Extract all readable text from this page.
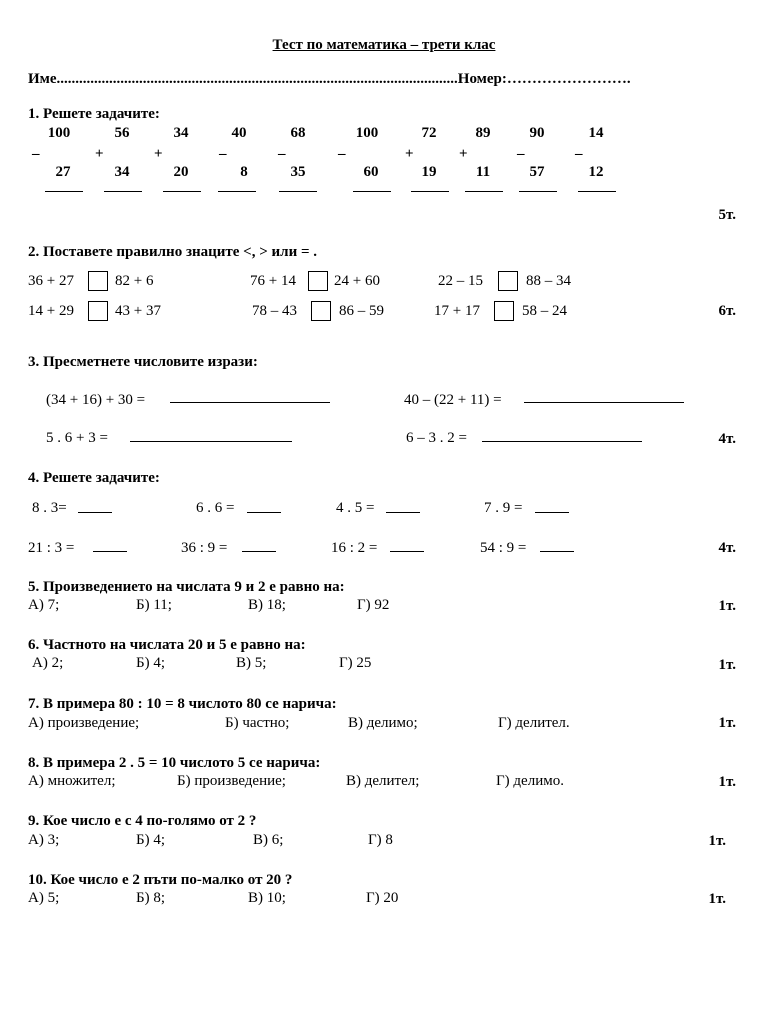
Тест по математика – трети клас
Име...........................................................................................................Номер:…………………….
1. Решете задачите:
100	56	34	40	68	100	72	89	90	14
–	+	+	–	–	–	+	+	–	–
27	34	20	8	35	60	19	11	57	12
5т.
2. Поставете правилно знаците <, > или = .
36 + 27	82 + 6	76 + 14	24 + 60	22 – 15	88 – 34
14 + 29	43 + 37	78 – 43	86 – 59	17 + 17	58 – 24	6т.
3. Пресметнете числовите изрази:
(34 + 16) + 30 =	40 – (22 + 11) =
5 . 6 + 3 =	6 – 3 . 2 =	4т.
4. Решете задачите:
8 . 3=	6 . 6 =	4 . 5 =	7 . 9 =
21 : 3 =	36 : 9 =	16 : 2 =	54 : 9 =	4т.
5. Произведението на числата 9 и 2 е равно на:
А) 7;	Б) 11;	В) 18;	Г) 92	1т.
6. Частното на числата 20 и 5 е равно на:
А) 2;	Б) 4;	В) 5;	Г) 25	1т.
7. В примера 80 : 10 = 8 числото 80 се нарича:
А) произведение;	Б) частно;	В) делимо;	Г) делител.	1т.
8. В примера 2 . 5 = 10 числото 5 се нарича:
А) множител;	Б) произведение;	В) делител;	Г) делимо.	1т.
9. Кое число е с 4 по-голямо от 2 ?
А) 3;	Б) 4;	В) 6;	Г) 8	1т.
10. Кое число е 2 пъти по-малко от 20 ?
А) 5;	Б) 8;	В) 10;	Г) 20	1т.
